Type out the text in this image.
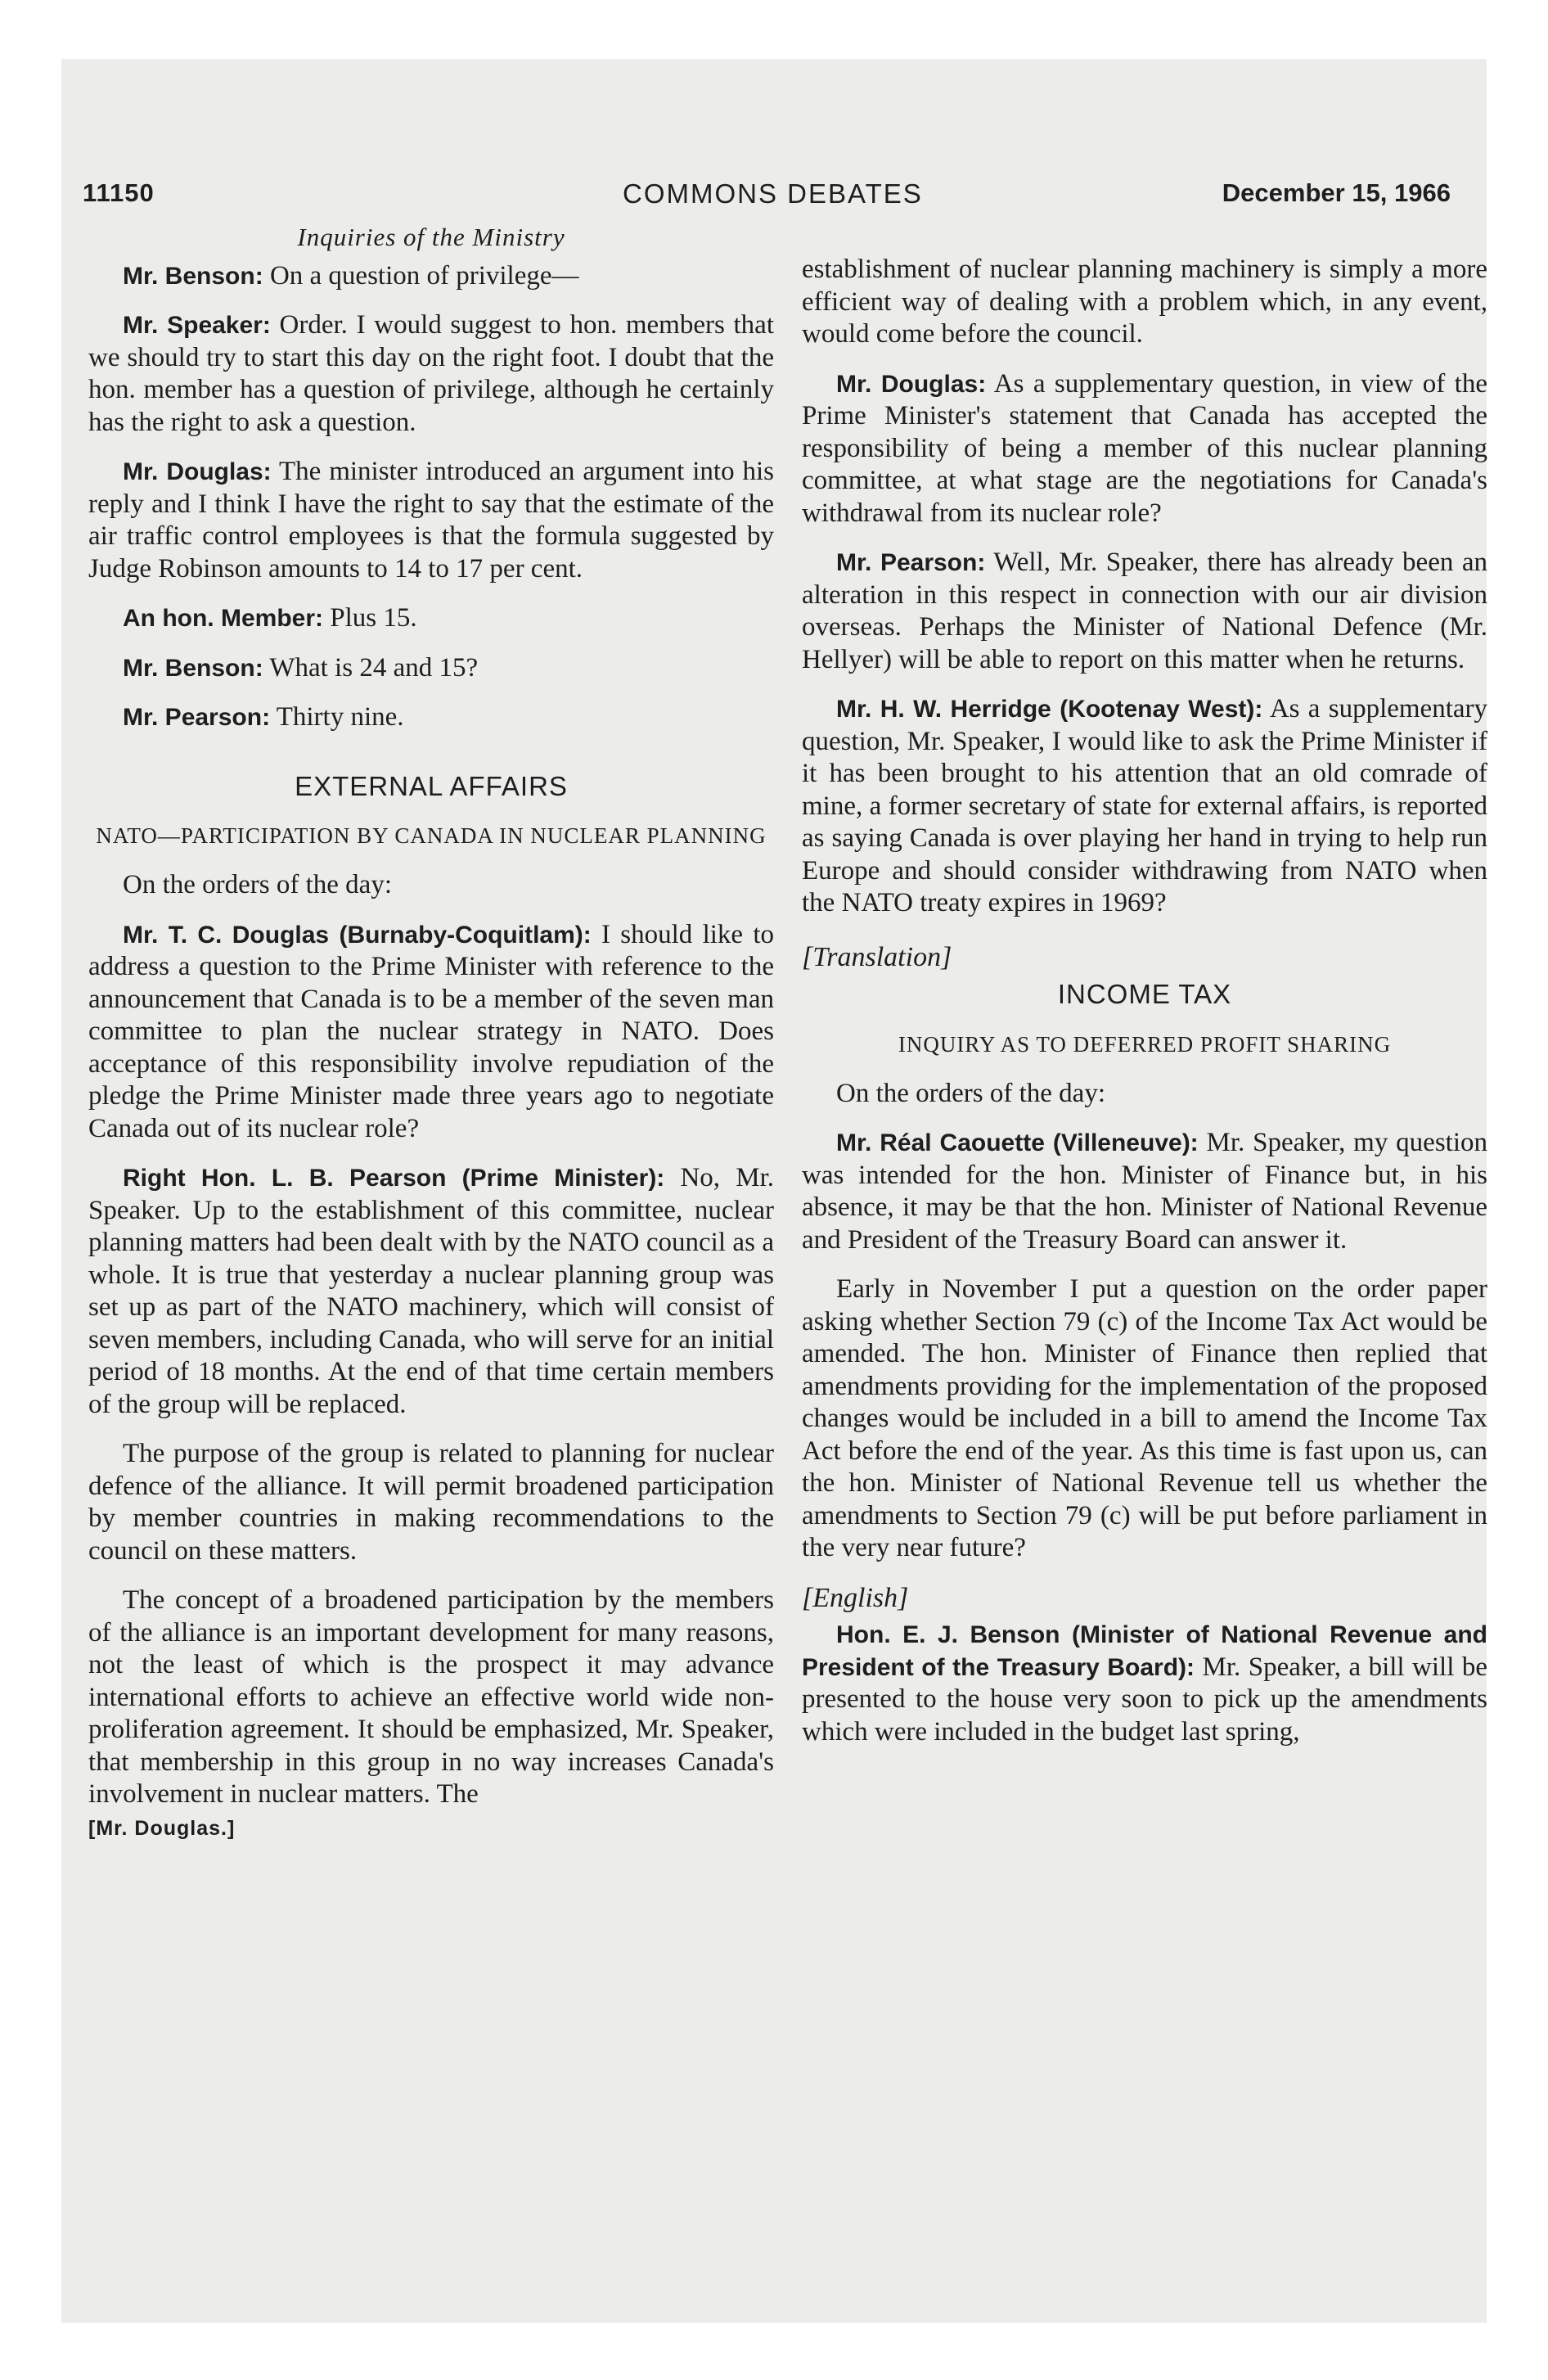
11150	COMMONS DEBATES	December 15, 1966
Inquiries of the Ministry

Mr. Benson: On a question of privilege—

Mr. Speaker: Order. I would suggest to hon. members that we should try to start this day on the right foot. I doubt that the hon. member has a question of privilege, although he certainly has the right to ask a question.

Mr. Douglas: The minister introduced an argument into his reply and I think I have the right to say that the estimate of the air traffic control employees is that the formula suggested by Judge Robinson amounts to 14 to 17 per cent.

An hon. Member: Plus 15.

Mr. Benson: What is 24 and 15?

Mr. Pearson: Thirty nine.

EXTERNAL AFFAIRS
NATO—PARTICIPATION BY CANADA IN NUCLEAR PLANNING

On the orders of the day:

Mr. T. C. Douglas (Burnaby-Coquitlam): I should like to address a question to the Prime Minister with reference to the announcement that Canada is to be a member of the seven man committee to plan the nuclear strategy in NATO. Does acceptance of this responsibility involve repudiation of the pledge the Prime Minister made three years ago to negotiate Canada out of its nuclear role?

Right Hon. L. B. Pearson (Prime Minister): No, Mr. Speaker. Up to the establishment of this committee, nuclear planning matters had been dealt with by the NATO council as a whole. It is true that yesterday a nuclear planning group was set up as part of the NATO machinery, which will consist of seven members, including Canada, who will serve for an initial period of 18 months. At the end of that time certain members of the group will be replaced.

The purpose of the group is related to planning for nuclear defence of the alliance. It will permit broadened participation by member countries in making recommendations to the council on these matters.

The concept of a broadened participation by the members of the alliance is an important development for many reasons, not the least of which is the prospect it may advance international efforts to achieve an effective world wide non-proliferation agreement. It should be emphasized, Mr. Speaker, that membership in this group in no way increases Canada's involvement in nuclear matters. The

[Mr. Douglas.]

establishment of nuclear planning machinery is simply a more efficient way of dealing with a problem which, in any event, would come before the council.

Mr. Douglas: As a supplementary question, in view of the Prime Minister's statement that Canada has accepted the responsibility of being a member of this nuclear planning committee, at what stage are the negotiations for Canada's withdrawal from its nuclear role?

Mr. Pearson: Well, Mr. Speaker, there has already been an alteration in this respect in connection with our air division overseas. Perhaps the Minister of National Defence (Mr. Hellyer) will be able to report on this matter when he returns.

Mr. H. W. Herridge (Kootenay West): As a supplementary question, Mr. Speaker, I would like to ask the Prime Minister if it has been brought to his attention that an old comrade of mine, a former secretary of state for external affairs, is reported as saying Canada is over playing her hand in trying to help run Europe and should consider withdrawing from NATO when the NATO treaty expires in 1969?

[Translation]
INCOME TAX
INQUIRY AS TO DEFERRED PROFIT SHARING

On the orders of the day:

Mr. Réal Caouette (Villeneuve): Mr. Speaker, my question was intended for the hon. Minister of Finance but, in his absence, it may be that the hon. Minister of National Revenue and President of the Treasury Board can answer it.

Early in November I put a question on the order paper asking whether Section 79 (c) of the Income Tax Act would be amended. The hon. Minister of Finance then replied that amendments providing for the implementation of the proposed changes would be included in a bill to amend the Income Tax Act before the end of the year. As this time is fast upon us, can the hon. Minister of National Revenue tell us whether the amendments to Section 79 (c) will be put before parliament in the very near future?

[English]

Hon. E. J. Benson (Minister of National Revenue and President of the Treasury Board): Mr. Speaker, a bill will be presented to the house very soon to pick up the amendments which were included in the budget last spring,
